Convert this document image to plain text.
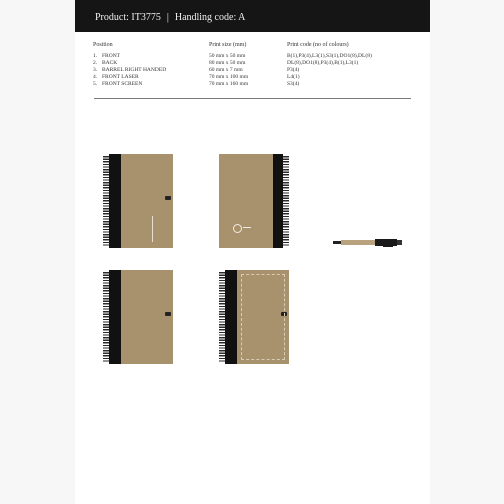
Product: IT3775 | Handling code: A
Position	Print size (mm)	Print code (no of colours)
1. FRONT	50 mm x 50 mm	B(1),P3(4),L3(1),S3(1),DO1(8),DL(8)
2. BACK	80 mm x 50 mm	DL(8),DO1(8),P3(4),B(1),L3(1)
3. BARREL RIGHT HANDED	60 mm x 7 mm	P3(4)
4. FRONT LASER	70 mm x 100 mm	L4(1)
5. FRONT SCREEN	70 mm x 160 mm	S3(4)
